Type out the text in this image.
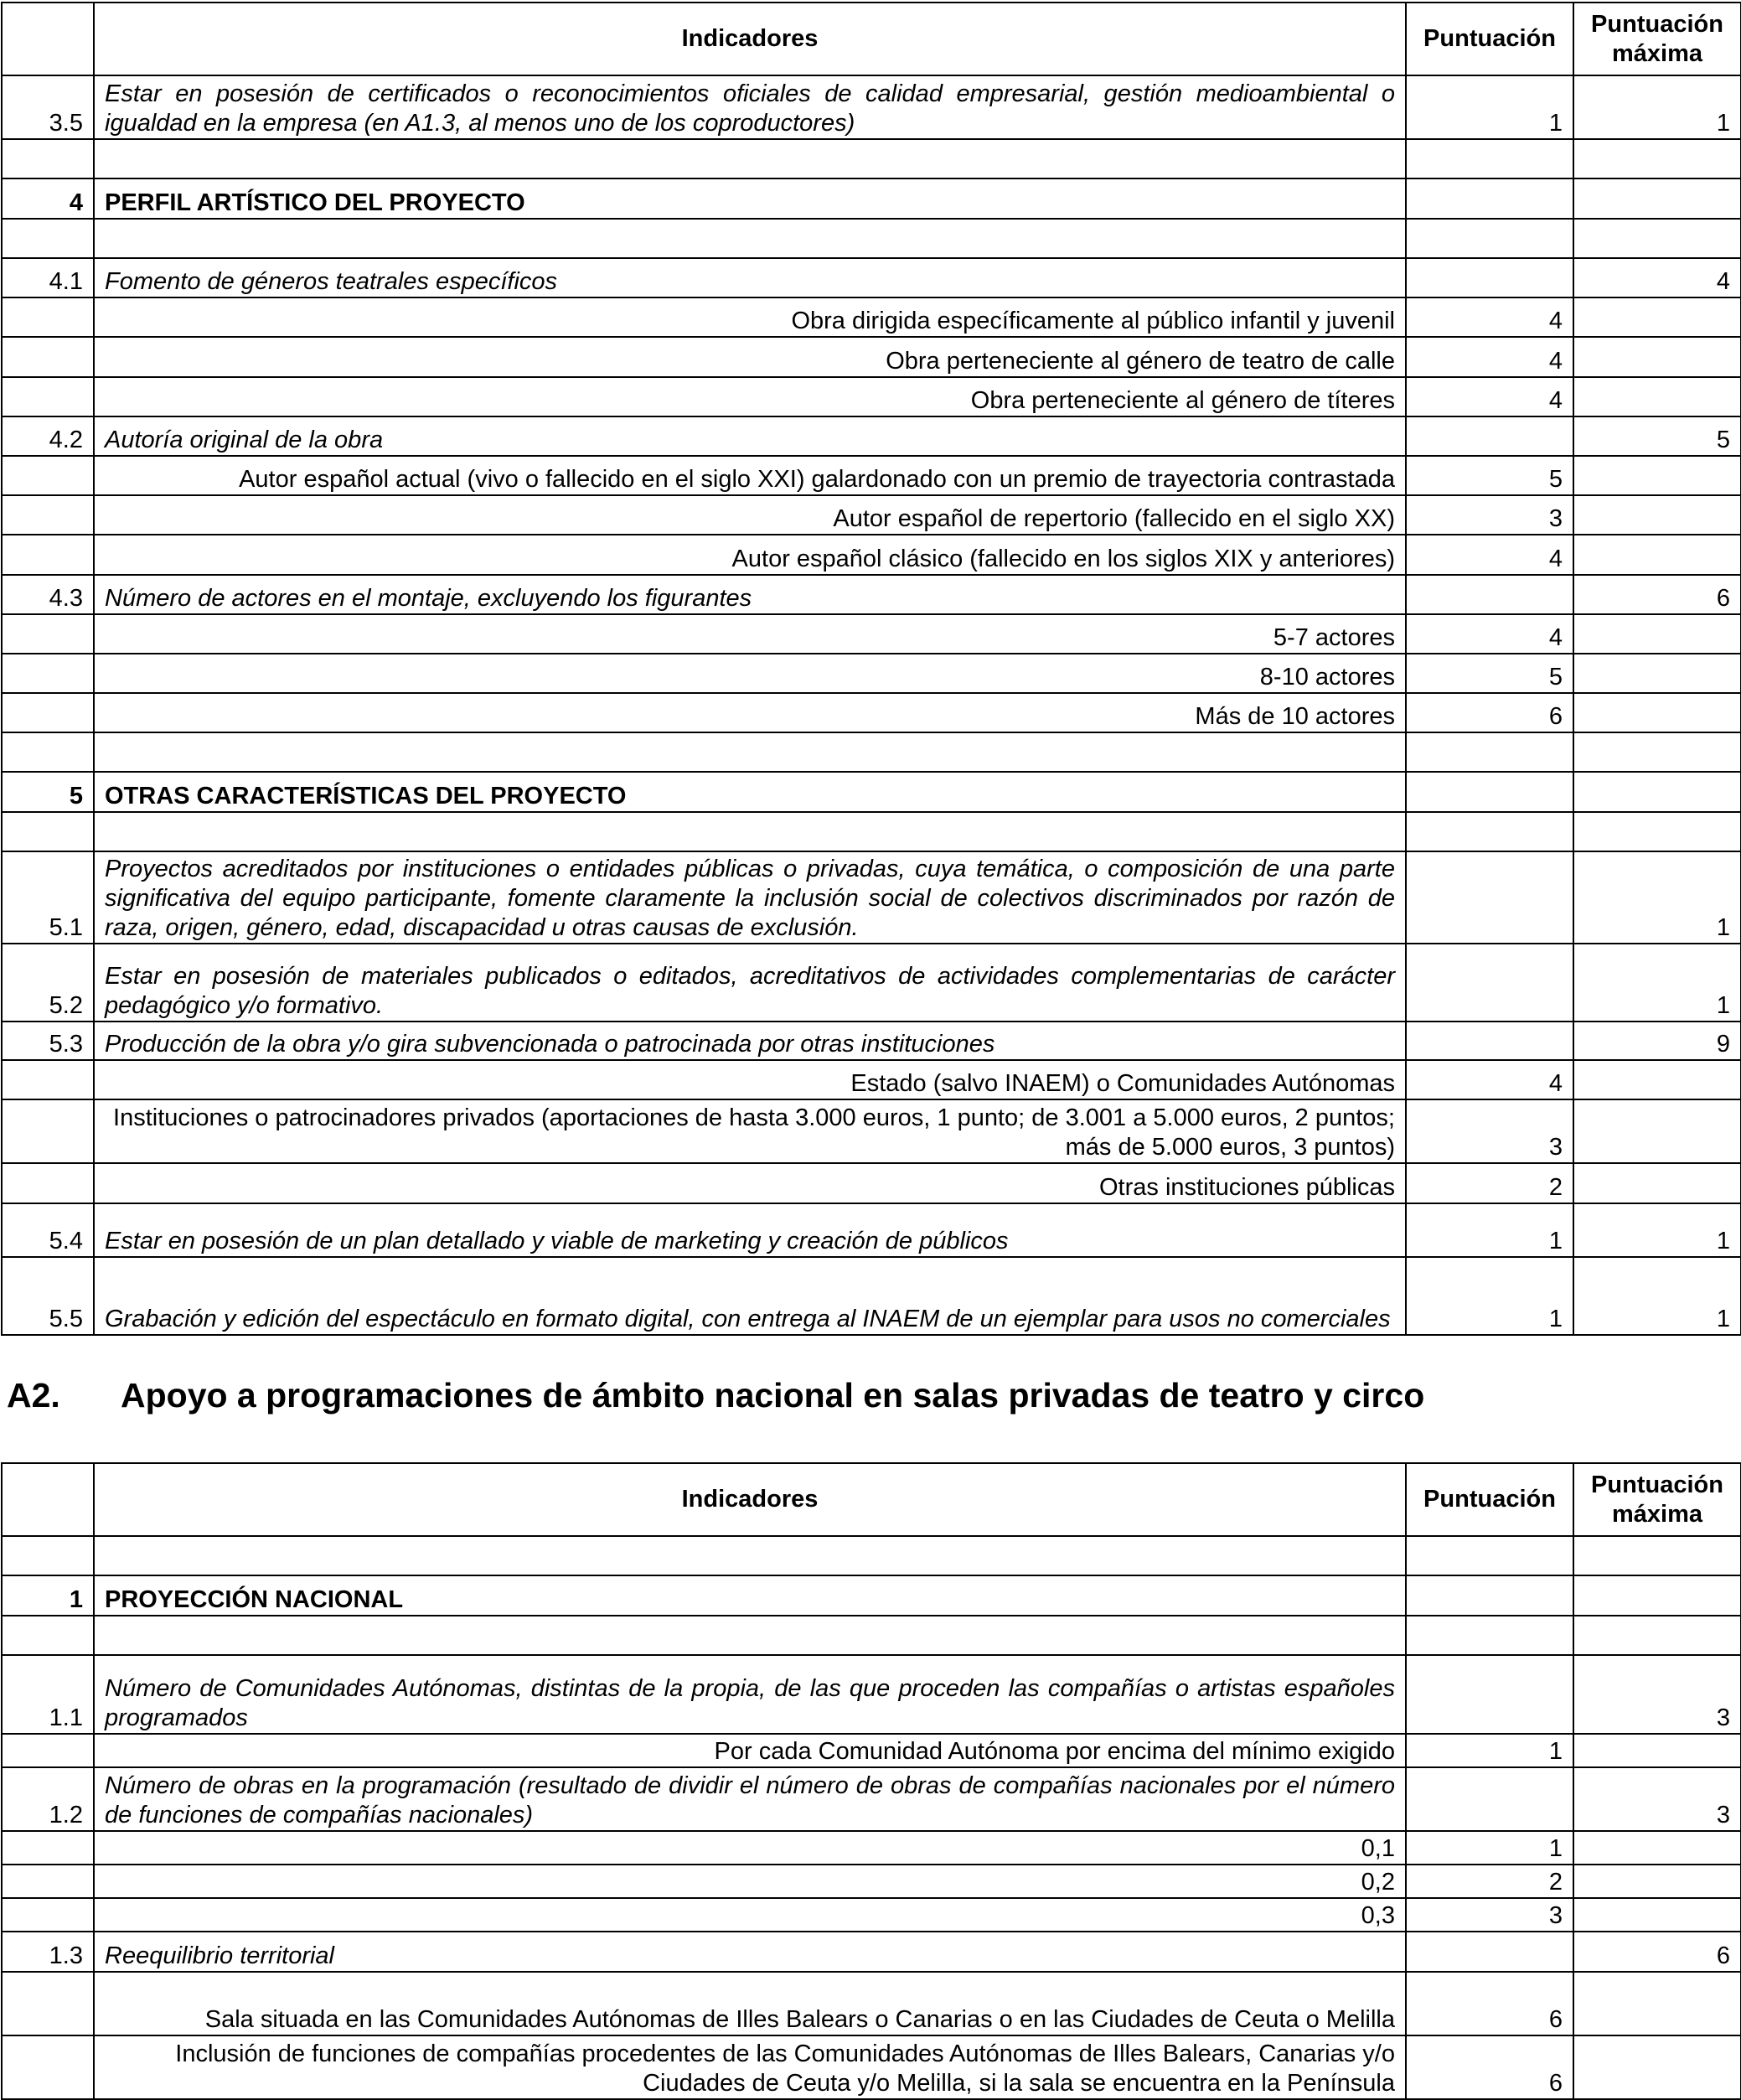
	Indicadores	Puntuación	Puntuación máxima
3.5	Estar en posesión de certificados o reconocimientos oficiales de calidad empresarial, gestión medioambiental o igualdad en la empresa (en A1.3, al menos uno de los coproductores)	1	1

4	PERFIL ARTÍSTICO DEL PROYECTO		

4.1	Fomento de géneros teatrales específicos		4
	Obra dirigida específicamente al público infantil y juvenil	4	
	Obra perteneciente al género de teatro de calle	4	
	Obra perteneciente al género de títeres	4	
4.2	Autoría original de la obra		5
	Autor español actual (vivo o fallecido en el siglo XXI) galardonado con un premio de trayectoria contrastada	5	
	Autor español de repertorio (fallecido en el siglo XX)	3	
	Autor español clásico (fallecido en los siglos XIX y anteriores)	4	
4.3	Número de actores en el montaje, excluyendo los figurantes		6
	5-7 actores	4	
	8-10 actores	5	
	Más de 10 actores	6	

5	OTRAS CARACTERÍSTICAS DEL PROYECTO		

5.1	Proyectos acreditados por instituciones o entidades públicas o privadas, cuya temática, o composición de una parte significativa del equipo participante, fomente claramente la inclusión social de colectivos discriminados por razón de raza, origen, género, edad, discapacidad u otras causas de exclusión.		1
5.2	Estar en posesión de materiales publicados o editados, acreditativos de actividades complementarias de carácter pedagógico y/o formativo.		1
5.3	Producción de la obra y/o gira subvencionada o patrocinada por otras instituciones		9
	Estado (salvo INAEM) o Comunidades Autónomas	4	
	Instituciones o patrocinadores privados (aportaciones de hasta 3.000 euros, 1 punto; de 3.001 a 5.000 euros, 2 puntos; más de 5.000 euros, 3 puntos)	3	
	Otras instituciones públicas	2	
5.4	Estar en posesión de un plan detallado y viable de marketing y creación de públicos	1	1
5.5	Grabación y edición del espectáculo en formato digital, con entrega al INAEM de un ejemplar para usos no comerciales	1	1
A2. Apoyo a programaciones de ámbito nacional en salas privadas de teatro y circo
	Indicadores	Puntuación	Puntuación máxima

1	PROYECCIÓN NACIONAL		

1.1	Número de Comunidades Autónomas, distintas de la propia, de las que proceden las compañías o artistas españoles programados		3
	Por cada Comunidad Autónoma por encima del mínimo exigido	1	
1.2	Número de obras en la programación (resultado de dividir el número de obras de compañías nacionales por el número de funciones de compañías nacionales)		3
	0,1	1	
	0,2	2	
	0,3	3	
1.3	Reequilibrio territorial		6
	Sala situada en las Comunidades Autónomas de Illes Balears o Canarias o en las Ciudades de Ceuta o Melilla	6	
	Inclusión de funciones de compañías procedentes de las Comunidades Autónomas de Illes Balears, Canarias y/o Ciudades de Ceuta y/o Melilla, si la sala se encuentra en la Península	6	
